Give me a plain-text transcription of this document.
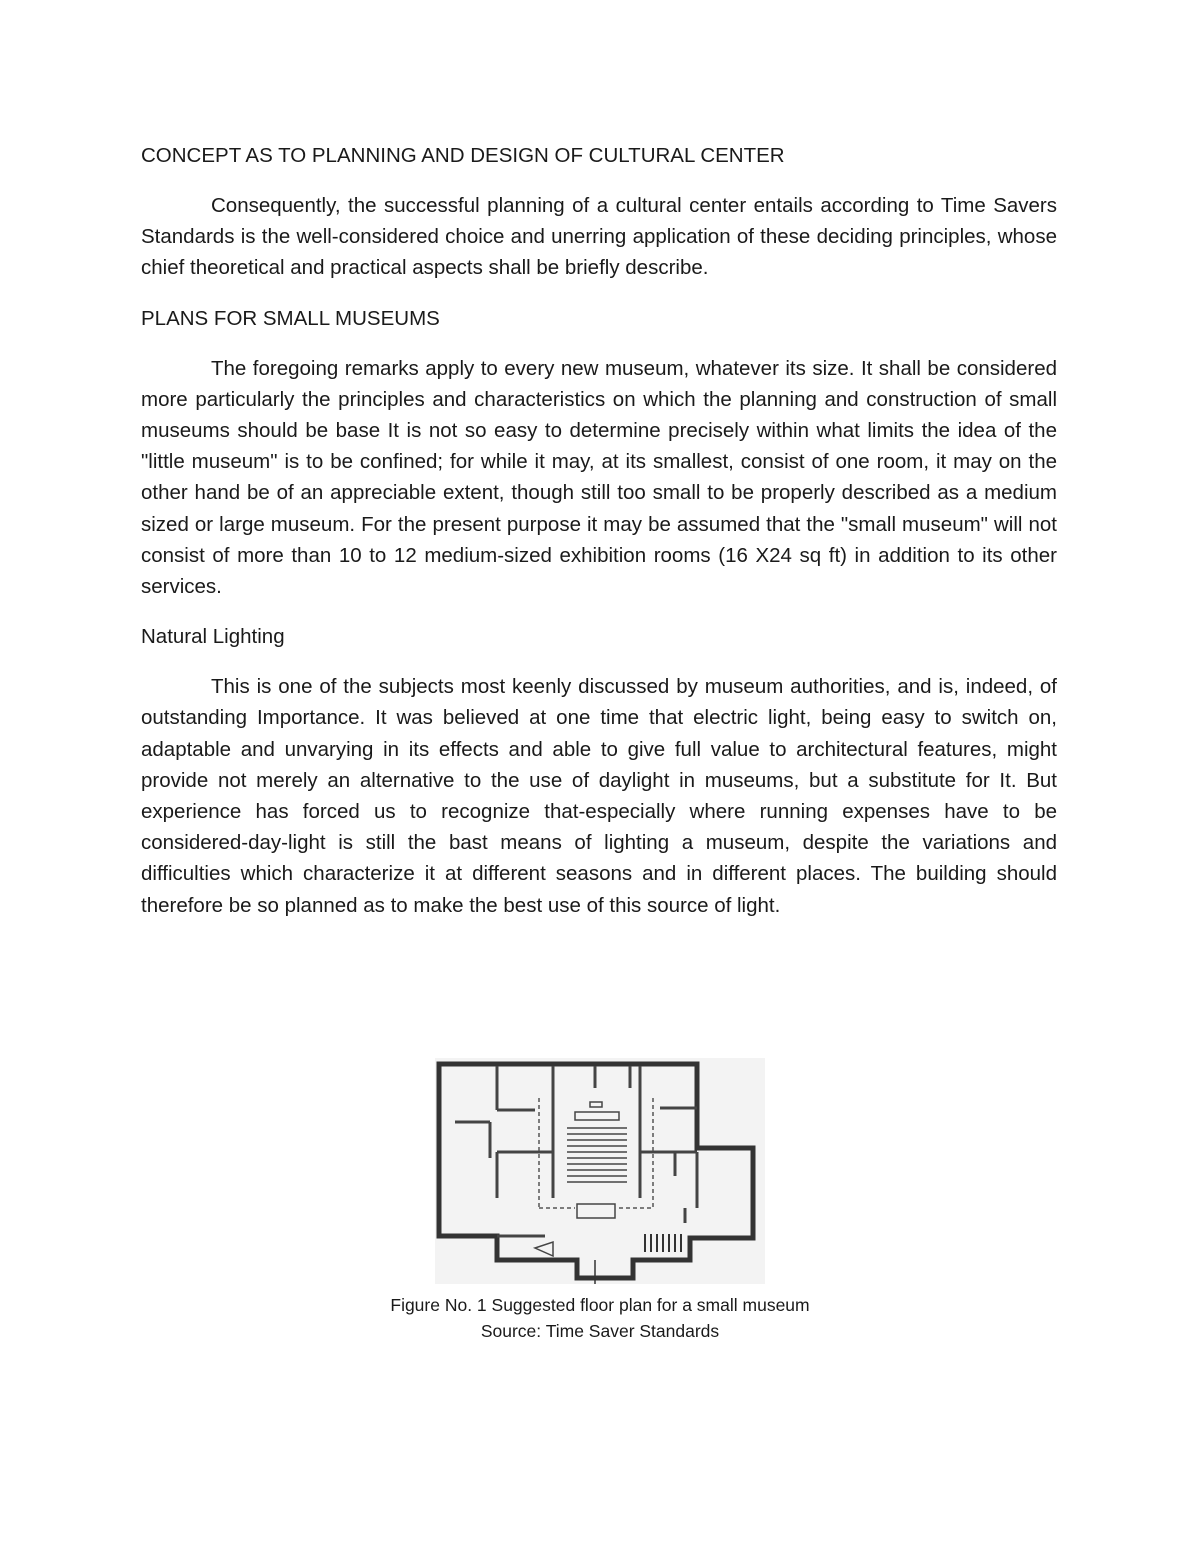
CONCEPT AS TO PLANNING AND DESIGN OF CULTURAL CENTER

Consequently, the successful planning of a cultural center entails according to Time Savers Standards is the well-considered choice and unerring application of these deciding principles, whose chief theoretical and practical aspects shall be briefly describe.

PLANS FOR SMALL MUSEUMS

The foregoing remarks apply to every new museum, whatever its size. It shall be considered more particularly the principles and characteristics on which the planning and construction of small museums should be base It is not so easy to determine precisely within what limits the idea of the "little museum" is to be confined; for while it may, at its smallest, consist of one room, it may on the other hand be of an appreciable extent, though still too small to be properly described as a medium sized or large museum. For the present purpose it may be assumed that the "small museum" will not consist of more than 10 to 12 medium-sized exhibition rooms (16 X24 sq ft) in addition to its other services.

Natural Lighting

This is one of the subjects most keenly discussed by museum authorities, and is, indeed, of outstanding Importance. It was believed at one time that electric light, being easy to switch on, adaptable and unvarying in its effects and able to give full value to architectural features, might provide not merely an alternative to the use of daylight in museums, but a substitute for It. But experience has forced us to recognize that-especially where running expenses have to be considered-day-light is still the bast means of lighting a museum, despite the variations and difficulties which characterize it at different seasons and in different places. The building should therefore be so planned as to make the best use of this source of light.

Figure No. 1 Suggested floor plan for a small museum
Source: Time Saver Standards
